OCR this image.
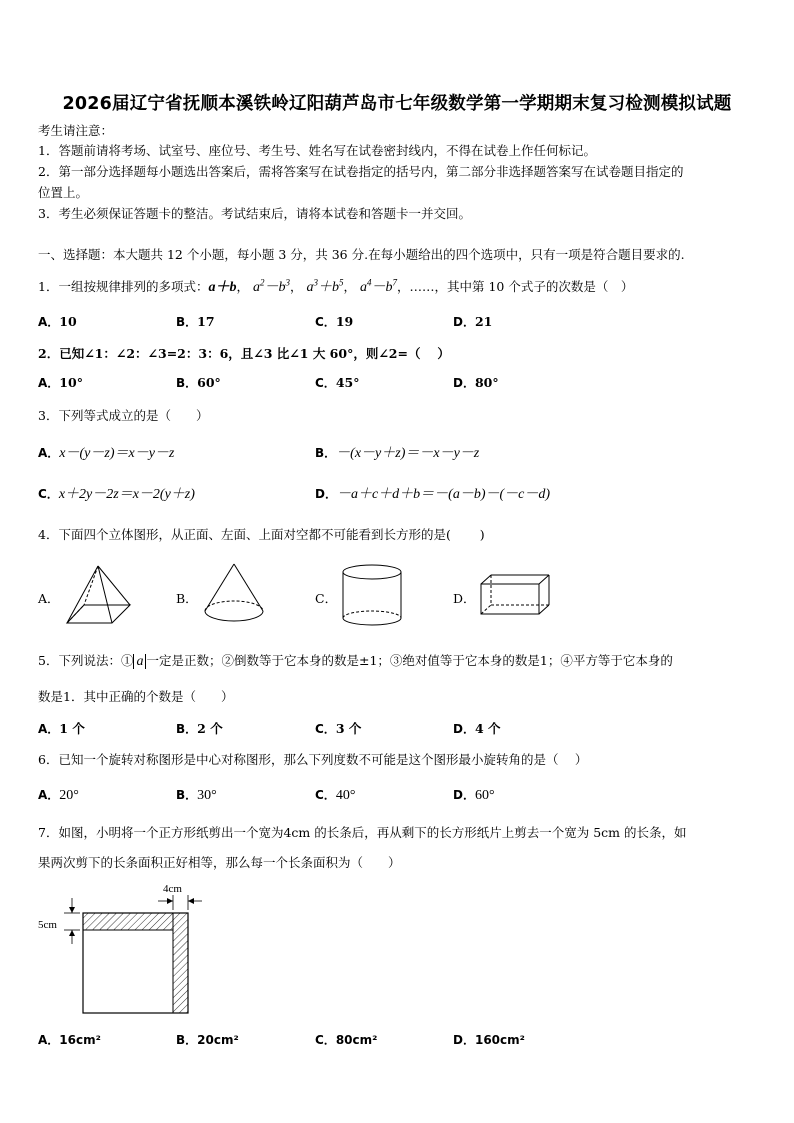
2026届辽宁省抚顺本溪铁岭辽阳葫芦岛市七年级数学第一学期期末复习检测模拟试题
考生请注意：
1．答题前请将考场、试室号、座位号、考生号、姓名写在试卷密封线内，不得在试卷上作任何标记。
2．第一部分选择题每小题选出答案后，需将答案写在试卷指定的括号内，第二部分非选择题答案写在试卷题目指定的
位置上。
3．考生必须保证答题卡的整洁。考试结束后，请将本试卷和答题卡一并交回。
一、选择题：本大题共 12 个小题，每小题 3 分，共 36 分.在每小题给出的四个选项中，只有一项是符合题目要求的.
1．一组按规律排列的多项式：a＋b， $a^2-b^3$， $a^3+b^5$， $a^4-b^7$，……，其中第 10 个式子的次数是（　）
A．10	B．17	C．19	D．21
2．已知∠1：∠2：∠3=2：3：6，且∠3 比∠1 大 60°，则∠2=（　 ）
A．10°	B．60°	C．45°	D．80°
3．下列等式成立的是（　　）
A．x－(y－z)＝x－y－z	B．－(x－y＋z)＝－x－y－z
C．x＋2y－2z＝x－2(y＋z)	D．－a＋c＋d＋b＝－(a－b)－(－c－d)
4．下面四个立体图形，从正面、左面、上面对空都不可能看到长方形的是(　　 )
A．	B．	C．	D．
5．下列说法：① a 一定是正数；②倒数等于它本身的数是±1；③绝对值等于它本身的数是1；④平方等于它本身的
数是1．其中正确的个数是（　　）
A．1 个	B．2 个	C．3 个	D．4 个
6．已知一个旋转对称图形是中心对称图形，那么下列度数不可能是这个图形最小旋转角的是（　 ）
A．20°	B．30°	C．40°	D．60°
7．如图，小明将一个正方形纸剪出一个宽为4cm 的长条后，再从剩下的长方形纸片上剪去一个宽为 5cm 的长条，如
果两次剪下的长条面积正好相等，那么每一个长条面积为（　　）
4cm
5cm
A．16cm²	B．20cm²	C．80cm²	D．160cm²
